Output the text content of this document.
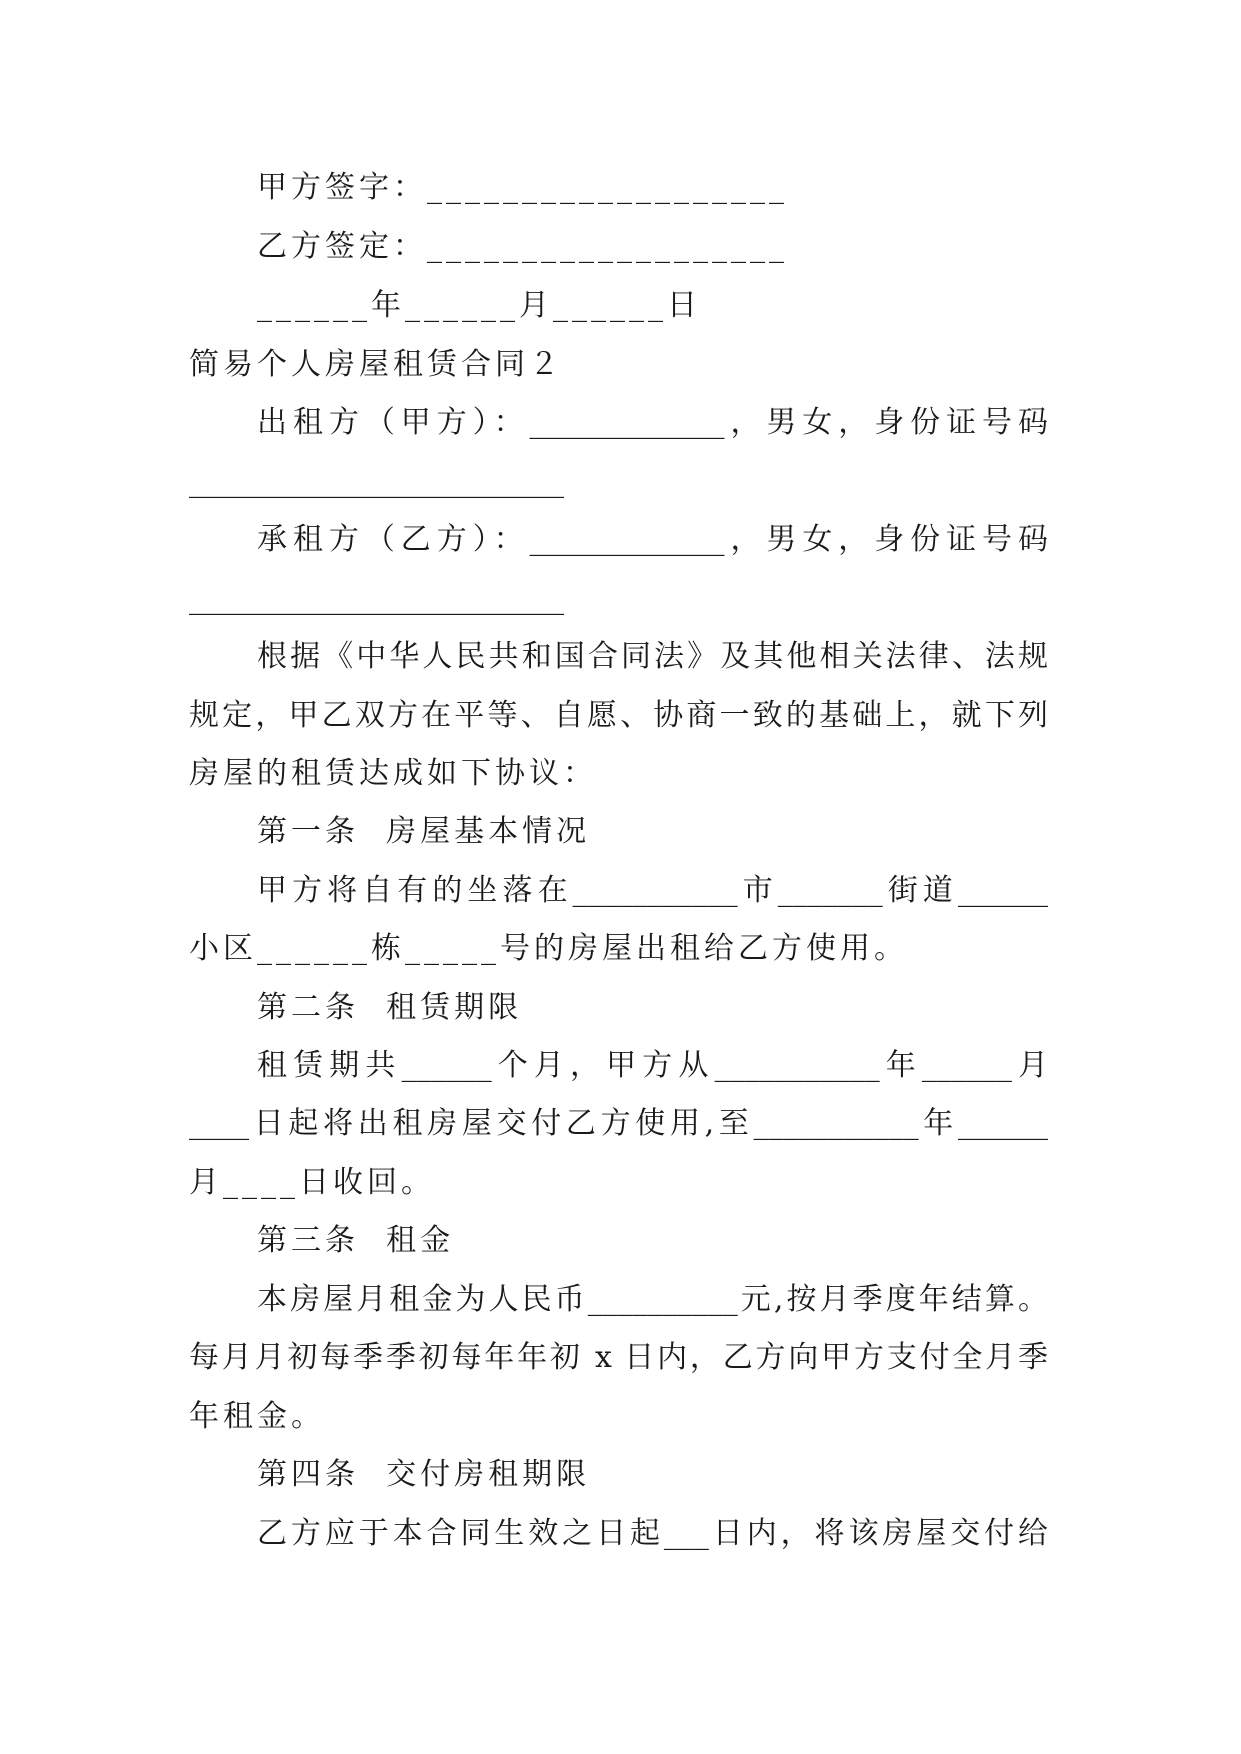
甲方签字：___________________
乙方签定：___________________
______年______月______日
简易个人房屋租赁合同２
出租方（甲方）：_____________，男女，身份证号码
_________________________
承租方（乙方）：_____________，男女，身份证号码
_________________________
根据《中华人民共和国合同法》及其他相关法律、法规
规定，甲乙双方在平等、自愿、协商一致的基础上，就下列
房屋的租赁达成如下协议：
第一条  房屋基本情况
甲方将自有的坐落在___________市_______街道______
小区______栋_____号的房屋出租给乙方使用。
第二条  租赁期限
租赁期共______个月，甲方从___________年______月
____日起将出租房屋交付乙方使用,至___________年______
月____日收回。
第三条  租金
本房屋月租金为人民币__________元,按月季度年结算。
每月月初每季季初每年年初 x 日内，乙方向甲方支付全月季
年租金。
第四条  交付房租期限
乙方应于本合同生效之日起___日内，将该房屋交付给
